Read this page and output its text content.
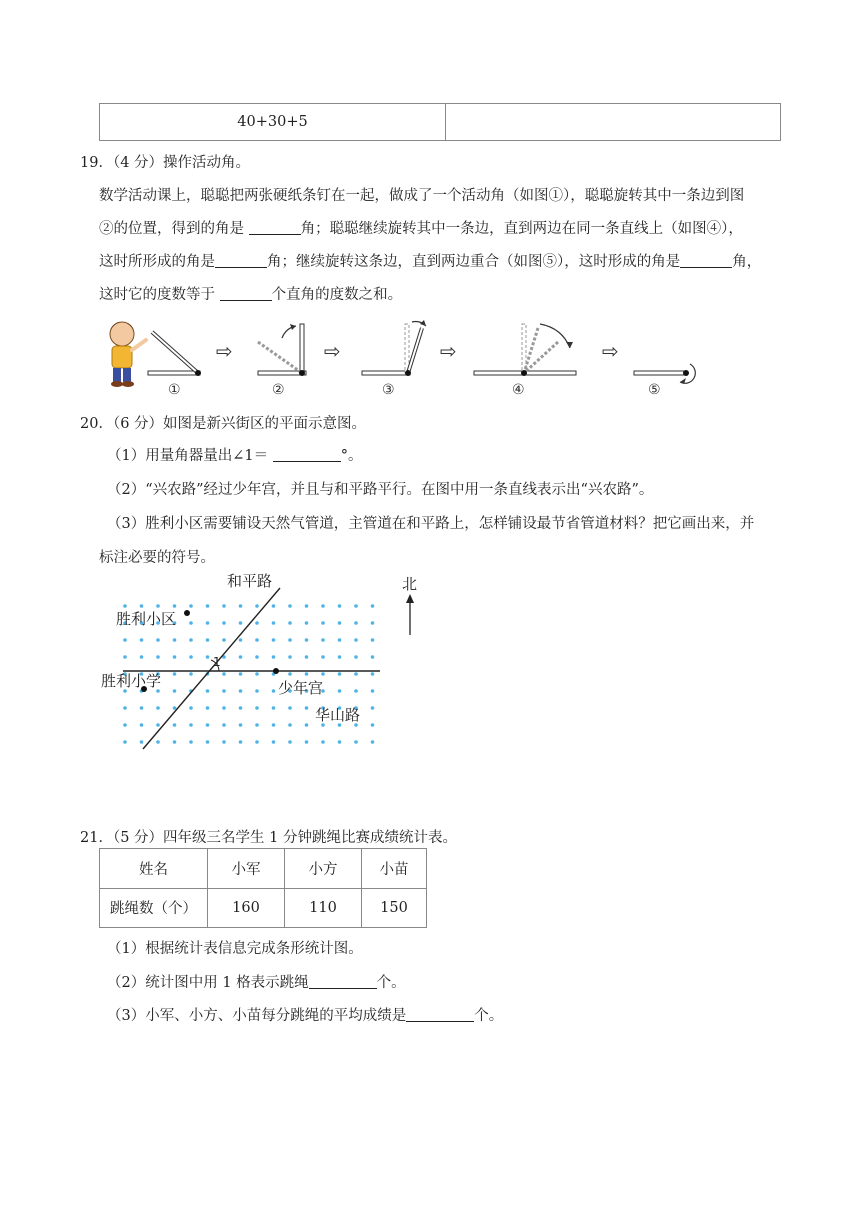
40+30+5	
19．（4 分）操作活动角。
数学活动课上，聪聪把两张硬纸条钉在一起，做成了一个活动角（如图①），聪聪旋转其中一条边到图
②的位置，得到的角是	角；聪聪继续旋转其中一条边，直到两边在同一条直线上（如图④），
这时所形成的角是	角；继续旋转这条边，直到两边重合（如图⑤），这时形成的角是	角，
这时它的度数等于	个直角的度数之和。
①
⇨
②
⇨
③
⇨
④
⇨
⑤
20．（6 分）如图是新兴街区的平面示意图。
（1）用量角器量出∠1＝	°。
（2）“兴农路”经过少年宫，并且与和平路平行。在图中用一条直线表示出“兴农路”。
（3）胜利小区需要铺设天然气管道，主管道在和平路上，怎样铺设最节省管道材料？把它画出来，并
标注必要的符号。
1
和平路
胜利小区
胜利小学	少年宫
华山路
北
21．（5 分）四年级三名学生 1 分钟跳绳比赛成绩统计表。
姓名	小军	小方	小苗
跳绳数（个）	160	110	150
（1）根据统计表信息完成条形统计图。
（2）统计图中用 1 格表示跳绳	个。
（3）小军、小方、小苗每分跳绳的平均成绩是	个。
